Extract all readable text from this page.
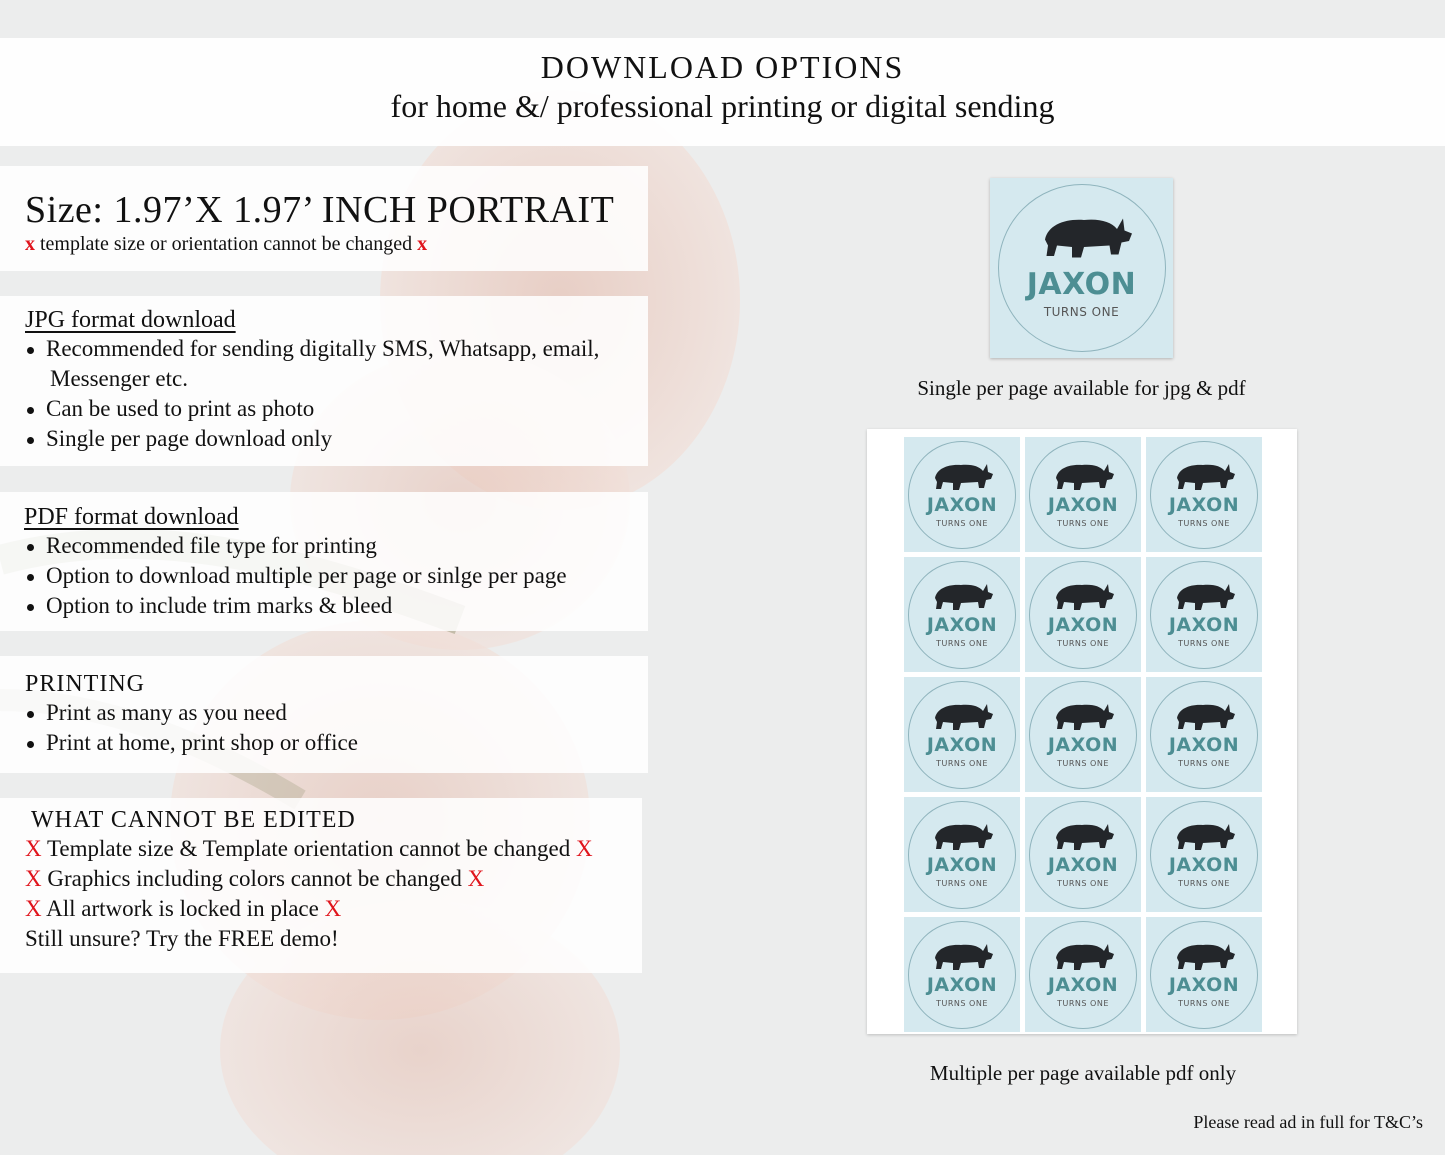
DOWNLOAD OPTIONS
for home &/ professional printing or digital sending
Size: 1.97’X 1.97’ INCH PORTRAIT
x template size or orientation cannot be changed x
JPG format download
Recommended for sending digitally SMS, Whatsapp, email,
Messenger etc.
Can be used to print as photo
Single per page download only
PDF format download
Recommended file type for printing
Option to download multiple per page or sinlge per page
Option to include trim marks & bleed
PRINTING
Print as many as you need
Print at home, print shop or office
WHAT CANNOT BE EDITED
X Template size & Template orientation cannot be changed X
X Graphics including colors cannot be changed X
X All artwork is locked in place X
Still unsure? Try the FREE demo!
JAXON
TURNS ONE
Single per page available for jpg & pdf
JAXON
TURNS ONE
JAXON
TURNS ONE
JAXON
TURNS ONE
JAXON
TURNS ONE
JAXON
TURNS ONE
JAXON
TURNS ONE
JAXON
TURNS ONE
JAXON
TURNS ONE
JAXON
TURNS ONE
JAXON
TURNS ONE
JAXON
TURNS ONE
JAXON
TURNS ONE
JAXON
TURNS ONE
JAXON
TURNS ONE
JAXON
TURNS ONE
Multiple per page available pdf only
Please read ad in full for T&C’s
